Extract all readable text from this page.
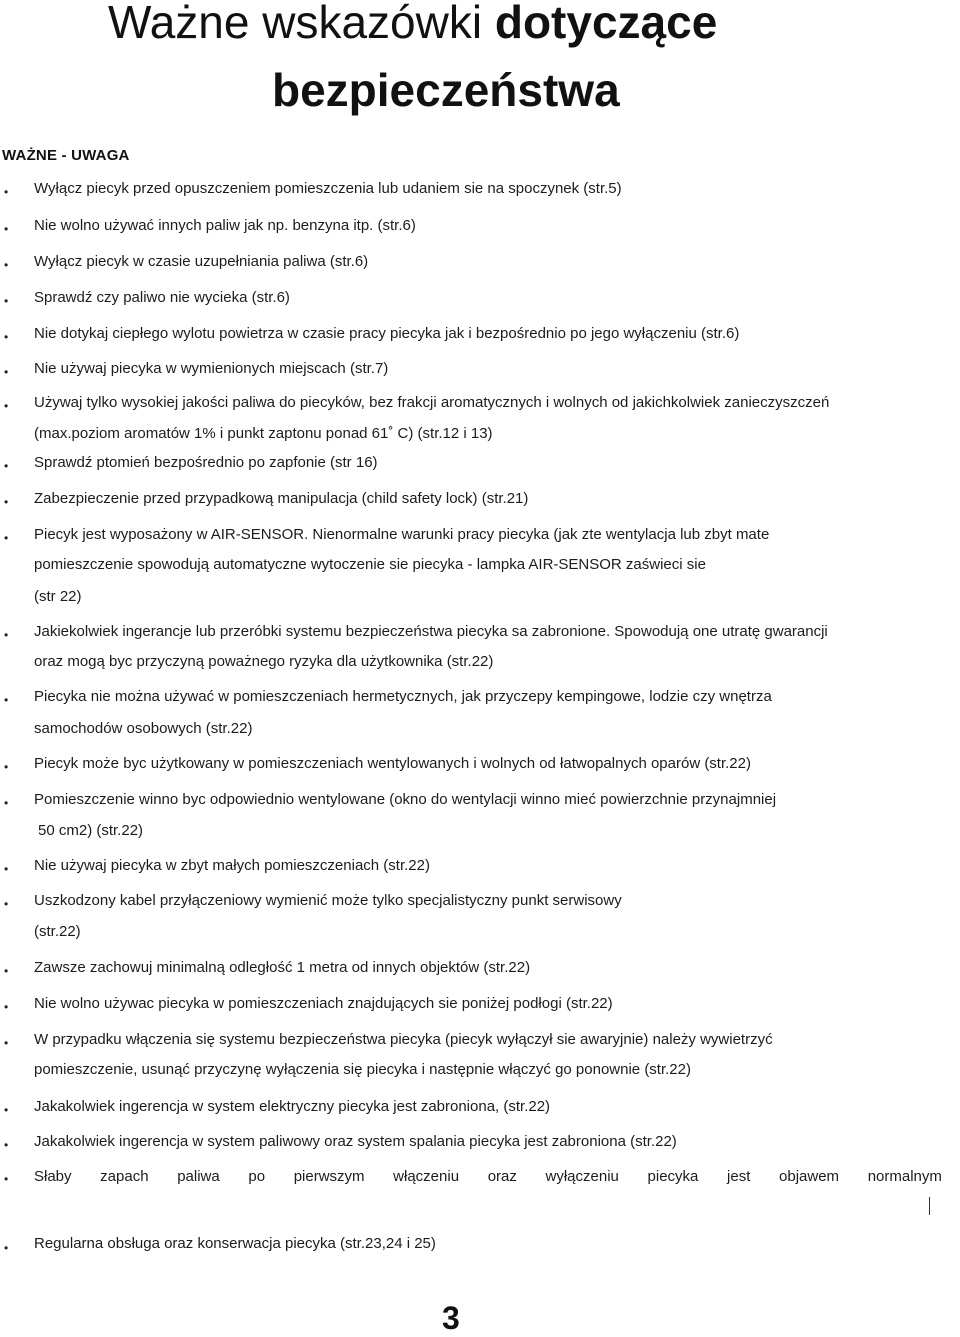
Ważne wskazówki dotyczące
bezpieczeństwa
WAŻNE - UWAGA
• Wyłącz piecyk przed opuszczeniem pomieszczenia lub udaniem sie na spoczynek (str.5)
• Nie wolno używać innych paliw jak np. benzyna itp. (str.6)
• Wyłącz piecyk w czasie uzupełniania paliwa (str.6)
• Sprawdź czy paliwo nie wycieka (str.6)
• Nie dotykaj ciepłego wylotu powietrza w czasie pracy piecyka jak i bezpośrednio po jego wyłączeniu (str.6)
• Nie używaj piecyka w wymienionych miejscach (str.7)
• Używaj tylko wysokiej jakości paliwa do piecyków, bez frakcji aromatycznych i wolnych od jakichkolwiek zanieczyszczeń
(max.poziom aromatów 1% i punkt zaptonu ponad 61˚ C) (str.12 i 13)
• Sprawdź ptomień bezpośrednio po zapfonie (str 16)
• Zabezpieczenie przed przypadkową manipulacja (child safety lock) (str.21)
• Piecyk jest wyposażony w AIR-SENSOR. Nienormalne warunki pracy piecyka (jak zte wentylacja lub zbyt mate
pomieszczenie spowodują automatyczne wytoczenie sie piecyka - lampka AIR-SENSOR zaświeci sie
(str 22)
• Jakiekolwiek ingerancje lub przeróbki systemu bezpieczeństwa piecyka sa zabronione. Spowodują one utratę gwarancji
oraz mogą byc przyczyną poważnego ryzyka dla użytkownika (str.22)
• Piecyka nie można używać w pomieszczeniach hermetycznych, jak przyczepy kempingowe, lodzie czy wnętrza
samochodów osobowych (str.22)
• Piecyk może byc użytkowany w pomieszczeniach wentylowanych i wolnych od łatwopalnych oparów (str.22)
• Pomieszczenie winno byc odpowiednio wentylowane (okno do wentylacji winno mieć powierzchnie przynajmniej
50 cm2) (str.22)
• Nie używaj piecyka w zbyt małych pomieszczeniach (str.22)
• Uszkodzony kabel przyłączeniowy wymienić może tylko specjalistyczny punkt serwisowy
(str.22)
• Zawsze zachowuj minimalną odległość 1 metra od innych objektów (str.22)
• Nie wolno używac piecyka w pomieszczeniach znajdujących sie poniżej podłogi (str.22)
• W przypadku włączenia się systemu bezpieczeństwa piecyka (piecyk wyłączył sie awaryjnie) należy wywietrzyć
pomieszczenie, usunąć przyczynę wyłączenia się piecyka i następnie włączyć go ponownie (str.22)
• Jakakolwiek ingerencja w system elektryczny piecyka jest zabroniona, (str.22)
• Jakakolwiek ingerencja w system paliwowy oraz system spalania piecyka jest zabroniona (str.22)
• Słaby zapach paliwa po pierwszym włączeniu oraz wyłączeniu piecyka jest objawem normalnym
• Regularna obsługa oraz konserwacja piecyka (str.23,24 i 25)
3
